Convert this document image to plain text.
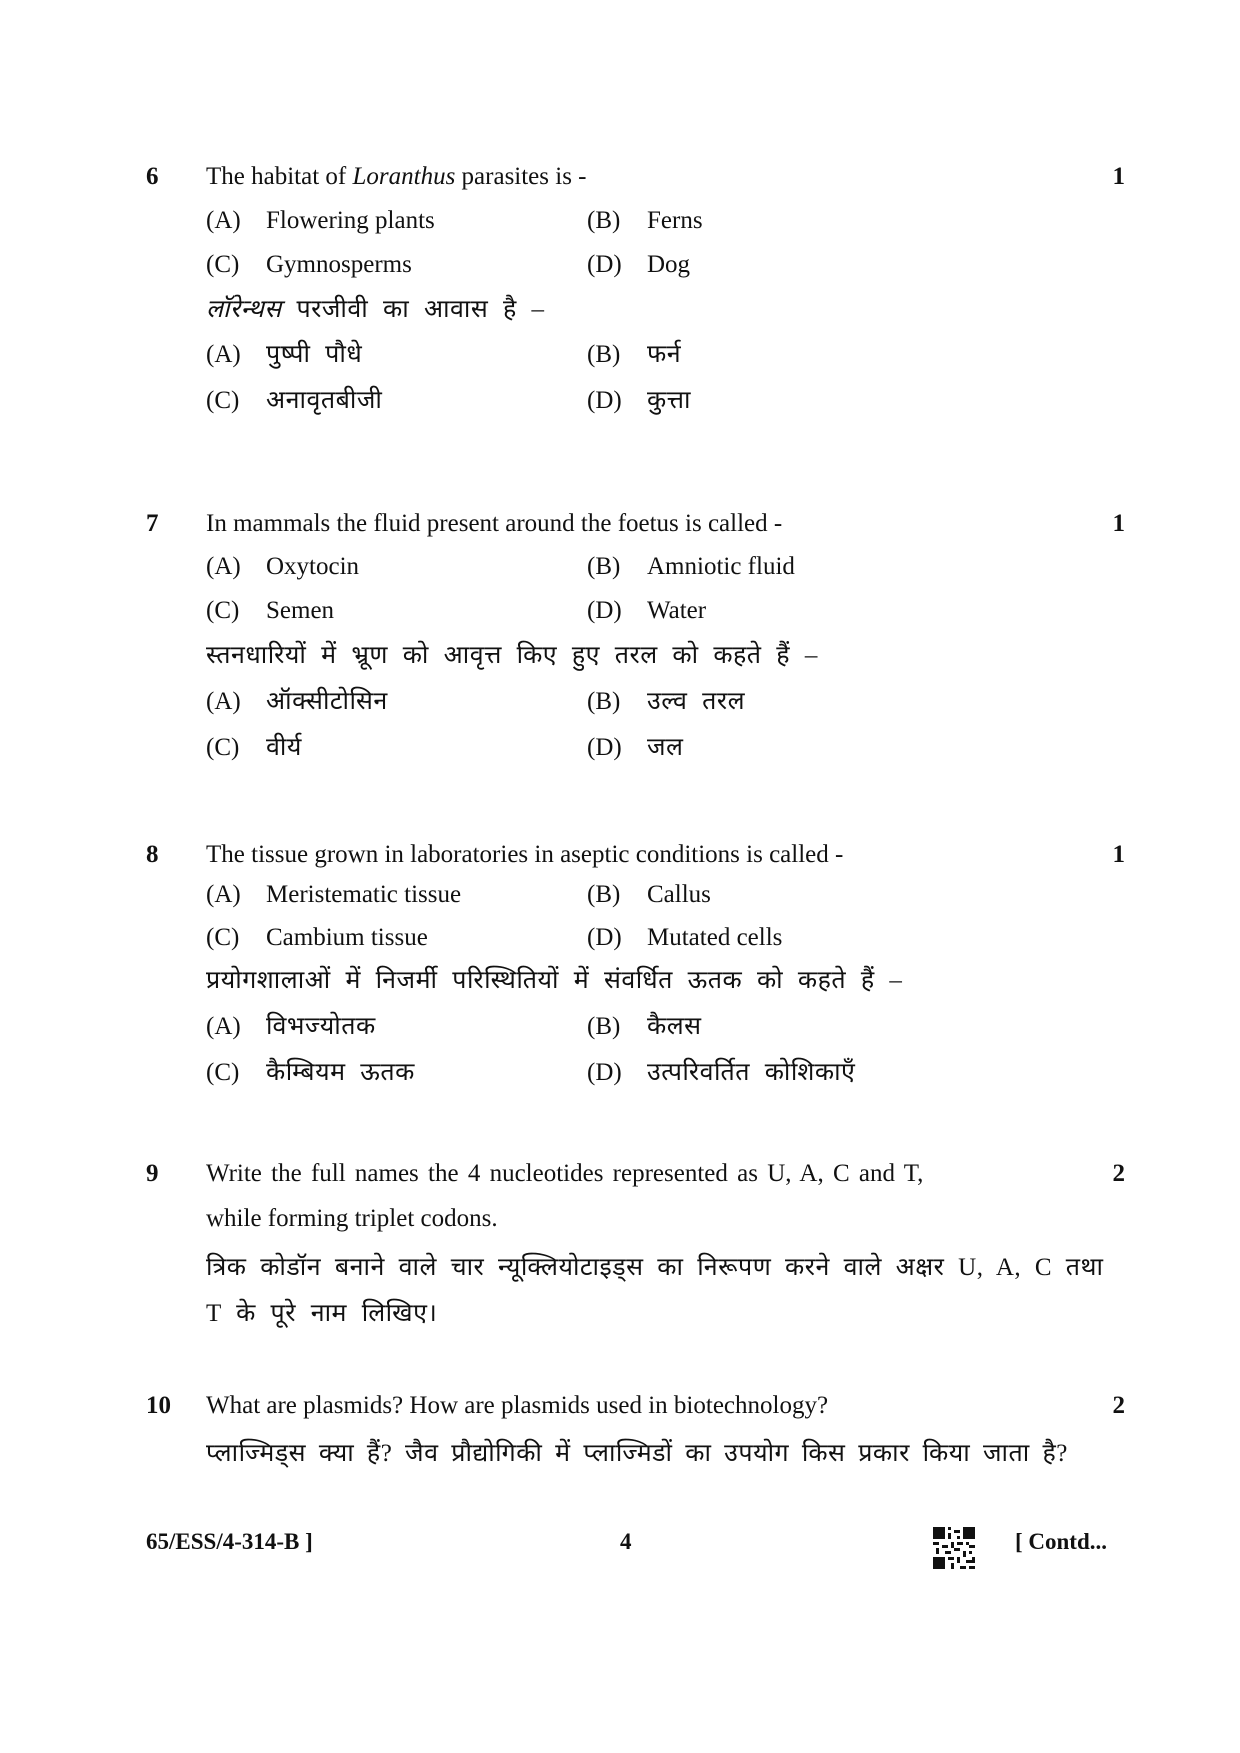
6 The habitat of Loranthus parasites is -	1
(A) Flowering plants	(B) Ferns
(C) Gymnosperms	(D) Dog
लॉरेन्थस परजीवी का आवास है –
(A) पुष्पी पौधे	(B) फर्न
(C) अनावृतबीजी	(D) कुत्ता
7 In mammals the fluid present around the foetus is called -	1
(A) Oxytocin	(B) Amniotic fluid
(C) Semen	(D) Water
स्तनधारियों में भ्रूण को आवृत्त किए हुए तरल को कहते हैं –
(A) ऑक्सीटोसिन	(B) उल्व तरल
(C) वीर्य	(D) जल
8 The tissue grown in laboratories in aseptic conditions is called -	1
(A) Meristematic tissue	(B) Callus
(C) Cambium tissue	(D) Mutated cells
प्रयोगशालाओं में निजर्मी परिस्थितियों में संवर्धित ऊतक को कहते हैं –
(A) विभज्योतक	(B) कैलस
(C) कैम्बियम ऊतक	(D) उत्परिवर्तित कोशिकाएँ
9 Write the full names the 4 nucleotides represented as U, A, C and T,	2
while forming triplet codons.
त्रिक कोडॉन बनाने वाले चार न्यूक्लियोटाइड्स का निरूपण करने वाले अक्षर U, A, C तथा
T के पूरे नाम लिखिए।
10 What are plasmids? How are plasmids used in biotechnology?	2
प्लाज्मिड्स क्या हैं? जैव प्रौद्योगिकी में प्लाज्मिडों का उपयोग किस प्रकार किया जाता है?
65/ESS/4-314-B ]	4	[ Contd...
